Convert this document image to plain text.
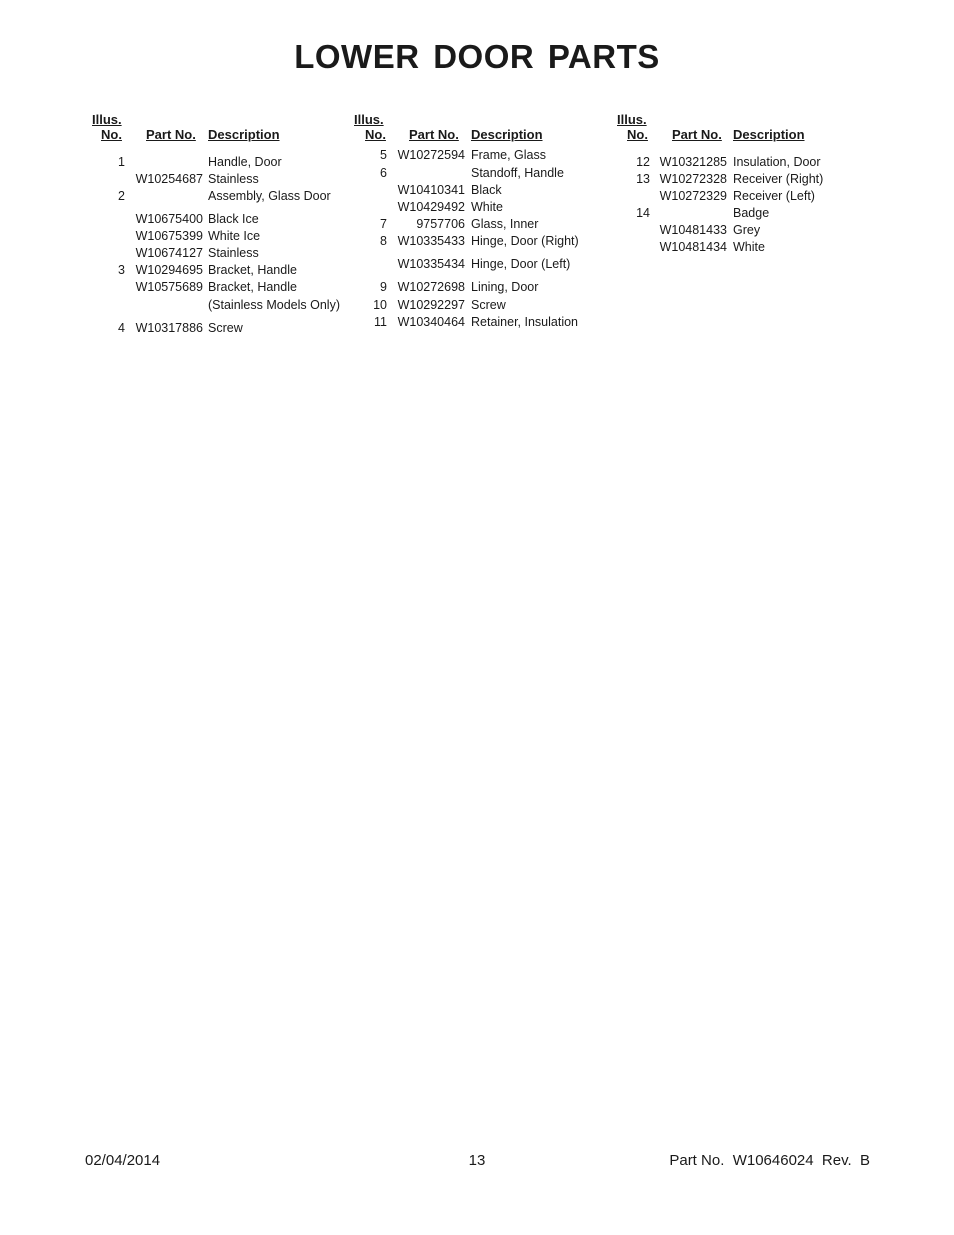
LOWER DOOR PARTS
Illus.
No. Part No. Description
1	Handle, Door
W10254687 Stainless
2	Assembly, Glass Door
W10675400 Black Ice
W10675399 White Ice
W10674127 Stainless
3 W10294695 Bracket, Handle
W10575689 Bracket, Handle
(Stainless Models Only)
4 W10317886 Screw
Illus.
No. Part No. Description
5 W10272594 Frame, Glass
6	Standoff, Handle
W10410341 Black
W10429492 White
7	9757706 Glass, Inner
8 W10335433 Hinge, Door (Right)
W10335434 Hinge, Door (Left)
9 W10272698 Lining, Door
10 W10292297 Screw
11 W10340464 Retainer, Insulation
Illus.
No. Part No. Description
12 W10321285 Insulation, Door
13 W10272328 Receiver (Right)
W10272329 Receiver (Left)
14	Badge
W10481433 Grey
W10481434 White
02/04/2014	13	Part No.  W10646024  Rev.  B
